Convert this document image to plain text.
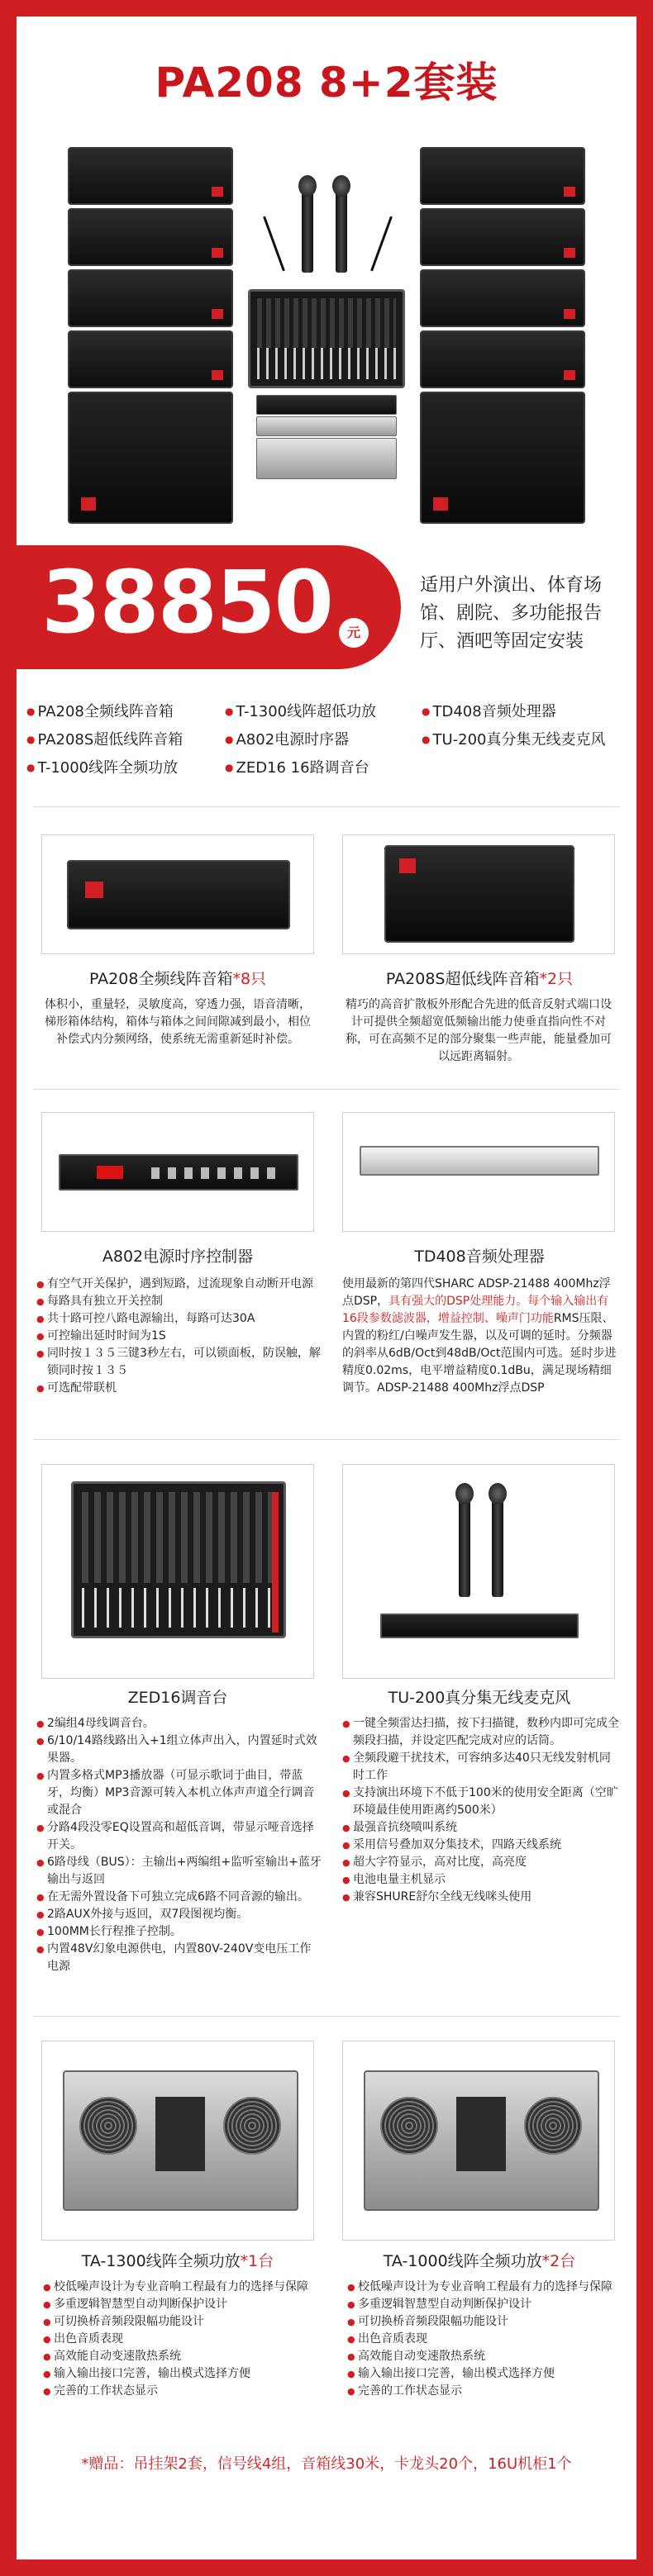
PA208 8+2套装
38850	元
适用户外演出、体育场馆、剧院、多功能报告厅、酒吧等固定安装
● PA208全频线阵音箱	● T-1300线阵超低功放	● TD408音频处理器
● PA208S超低线阵音箱	● A802电源时序器	● TU-200真分集无线麦克风
● T-1000线阵全频功放	● ZED16 16路调音台
PA208全频线阵音箱*8只	PA208S超低线阵音箱*2只
体积小，重量轻，灵敏度高，穿透力强，语音清晰，梯形箱体结构，箱体与箱体之间间隙减到最小，相位补偿式内分频网络，使系统无需重新延时补偿。
精巧的高音扩散板外形配合先进的低音反射式端口设计可提供全频超宽低频输出能力使垂直指向性不对称，可在高频不足的部分聚集一些声能，能量叠加可以远距离辐射。
A802电源时序控制器	TD408音频处理器
● 有空气开关保护，遇到短路，过流现象自动断开电源
● 每路具有独立开关控制
● 共十路可控八路电源输出，每路可达30A
● 可控输出延时时间为1S
● 同时按１３５三键3秒左右，可以锁面板，防误触，解锁同时按１３５
● 可选配带联机
使用最新的第四代SHARC ADSP-21488 400Mhz浮点DSP，具有强大的DSP处理能力。每个输入输出有16段参数滤波器，增益控制、噪声门功能RMS压限、内置的粉红/白噪声发生器，以及可调的延时。分频器的斜率从6dB/Oct到48dB/Oct范围内可选。延时步进精度0.02ms，电平增益精度0.1dBu，满足现场精细调节。ADSP-21488 400Mhz浮点DSP
ZED16调音台	TU-200真分集无线麦克风
● 2编组4母线调音台。
● 6/10/14路线路出入+1组立体声出入，内置延时式效果器。
● 内置多格式MP3播放器（可显示歌词于曲目，带蓝牙，均衡）MP3音源可转入本机立体声声道全行调音或混合
● 分路4段没零EQ设置高和超低音调，带显示哑音选择开关。
● 6路母线（BUS）：主输出+两编组+监听室输出+蓝牙输出与返回
● 在无需外置设备下可独立完成6路不同音源的输出。
● 2路AUX外接与返回，双7段图视均衡。
● 100MM长行程推子控制。
● 内置48V幻象电源供电，内置80V-240V变电压工作电源
● 一键全频雷达扫描，按下扫描键，数秒内即可完成全频段扫描，并设定匹配完成对应的话筒。
● 全频段避干扰技术，可容纳多达40只无线发射机同时工作
● 支持演出环境下不低于100米的使用安全距离（空旷环境最佳使用距离约500米）
● 最强音抗绕喷叫系统
● 采用信号叠加双分集技术，四路天线系统
● 超大字符显示，高对比度，高亮度
● 电池电量主机显示
● 兼容SHURE舒尔全线无线咪头使用
TA-1300线阵全频功放*1台	TA-1000线阵全频功放*2台
● 校低噪声设计为专业音响工程最有力的选择与保障
● 多重逻辑智慧型自动判断保护设计
● 可切换桥音频段限幅功能设计
● 出色音质表现
● 高效能自动变速散热系统
● 输入输出接口完善，输出模式选择方便
● 完善的工作状态显示
● 校低噪声设计为专业音响工程最有力的选择与保障
● 多重逻辑智慧型自动判断保护设计
● 可切换桥音频段限幅功能设计
● 出色音质表现
● 高效能自动变速散热系统
● 输入输出接口完善，输出模式选择方便
● 完善的工作状态显示
*赠品：吊挂架2套，信号线4组，音箱线30米，卡龙头20个，16U机柜1个
